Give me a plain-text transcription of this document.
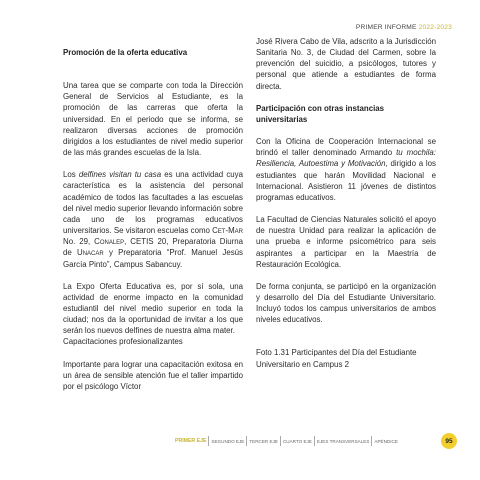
PRIMER INFORME 2022-2023
Promoción de la oferta educativa

Una tarea que se comparte con toda la Dirección General de Servicios al Estudiante, es la promoción de las carreras que oferta la universidad. En el periodo que se informa, se realizaron diversas acciones de promoción dirigidos a los estudiantes de nivel medio superior de las más grandes escuelas de la Isla.

Los delfines visitan tu casa es una actividad cuya característica es la asistencia del personal académico de todos las facultades a las escuelas del nivel medio superior llevando información sobre cada uno de los programas educativos universitarios. Se visitaron escuelas como Cet-Mar No. 29, Conalep, CETIS 20, Preparatoria Diurna de Unacar y Preparatoria “Prof. Manuel Jesús García Pinto”, Campus Sabancuy.

La Expo Oferta Educativa es, por sí sola, una actividad de enorme impacto en la comunidad estudiantil del nivel medio superior en toda la ciudad; nos da la oportunidad de invitar a los que serán los nuevos delfines de nuestra alma mater.

Capacitaciones profesionalizantes

Importante para lograr una capacitación exitosa en un área de sensible atención fue el taller impartido por el psicólogo Víctor

José Rivera Cabo de Vila, adscrito a la Jurisdicción Sanitaria No. 3, de Ciudad del Carmen, sobre la prevención del suicidio, a psicólogos, tutores y personal que atiende a estudiantes de forma directa.

Participación con otras instancias universitarias

Con la Oficina de Cooperación Internacional se brindó el taller denominado Armando tu mochila: Resiliencia, Autoestima y Motivación, dirigido a los estudiantes que harán Movilidad Nacional e Internacional. Asistieron 11 jóvenes de distintos programas educativos.

La Facultad de Ciencias Naturales solicitó el apoyo de nuestra Unidad para realizar la aplicación de una prueba e informe psicométrico para seis aspirantes a participar en la Maestría de Restauración Ecológica.

De forma conjunta, se participó en la organización y desarrollo del Día del Estudiante Universitario. Incluyó todos los campus universitarios de ambos niveles educativos.

Foto 1.31 Participantes del Día del Estudiante Universitario en Campus 2

PRIMER EJE	SEGUNDO EJE	TERCER EJE	CUARTO EJE	EJES TRANSVERSALES	APÉNDICE	95
